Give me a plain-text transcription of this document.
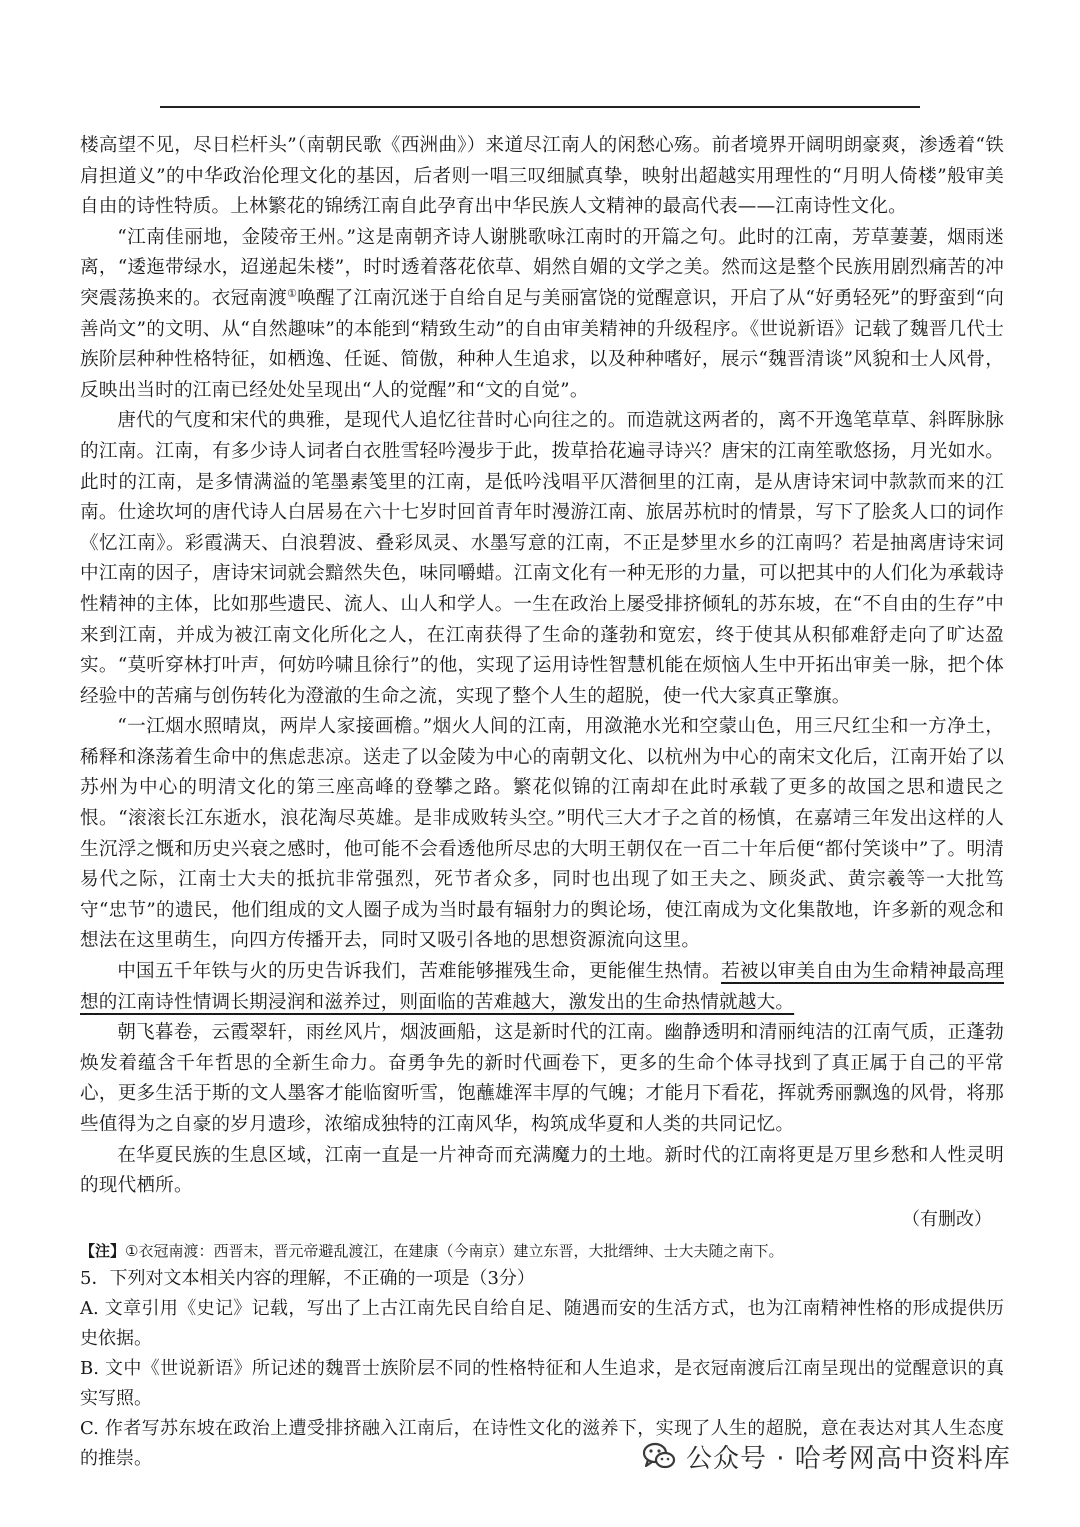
楼高望不见，尽日栏杆头”（南朝民歌《西洲曲》）来道尽江南人的闲愁心殇。前者境界开阔明朗豪爽，渗透着“铁肩担道义”的中华政治伦理文化的基因，后者则一唱三叹细腻真挚，映射出超越实用理性的“月明人倚楼”般审美自由的诗性特质。上林繁花的锦绣江南自此孕育出中华民族人文精神的最高代表——江南诗性文化。

“江南佳丽地，金陵帝王州。”这是南朝齐诗人谢朓歌咏江南时的开篇之句。此时的江南，芳草萋萋，烟雨迷离，“逶迤带绿水，迢递起朱楼”，时时透着落花依草、娟然自媚的文学之美。然而这是整个民族用剧烈痛苦的冲突震荡换来的。衣冠南渡①唤醒了江南沉迷于自给自足与美丽富饶的觉醒意识，开启了从“好勇轻死”的野蛮到“向善尚文”的文明、从“自然趣味”的本能到“精致生动”的自由审美精神的升级程序。《世说新语》记载了魏晋几代士族阶层种种性格特征，如栖逸、任诞、简傲，种种人生追求，以及种种嗜好，展示“魏晋清谈”风貌和士人风骨，反映出当时的江南已经处处呈现出“人的觉醒”和“文的自觉”。

唐代的气度和宋代的典雅，是现代人追忆往昔时心向往之的。而造就这两者的，离不开逸笔草草、斜晖脉脉的江南。江南，有多少诗人词者白衣胜雪轻吟漫步于此，拨草拾花遍寻诗兴？唐宋的江南笙歌悠扬，月光如水。此时的江南，是多情满溢的笔墨素笺里的江南，是低吟浅唱平仄潜徊里的江南，是从唐诗宋词中款款而来的江南。仕途坎坷的唐代诗人白居易在六十七岁时回首青年时漫游江南、旅居苏杭时的情景，写下了脍炙人口的词作《忆江南》。彩霞满天、白浪碧波、叠彩凤灵、水墨写意的江南，不正是梦里水乡的江南吗？若是抽离唐诗宋词中江南的因子，唐诗宋词就会黯然失色，味同嚼蜡。江南文化有一种无形的力量，可以把其中的人们化为承载诗性精神的主体，比如那些遗民、流人、山人和学人。一生在政治上屡受排挤倾轧的苏东坡，在“不自由的生存”中来到江南，并成为被江南文化所化之人，在江南获得了生命的蓬勃和宽宏，终于使其从积郁难舒走向了旷达盈实。“莫听穿林打叶声，何妨吟啸且徐行”的他，实现了运用诗性智慧机能在烦恼人生中开拓出审美一脉，把个体经验中的苦痛与创伤转化为澄澈的生命之流，实现了整个人生的超脱，使一代大家真正擎旗。

“一江烟水照晴岚，两岸人家接画檐。”烟火人间的江南，用潋滟水光和空蒙山色，用三尺红尘和一方净土，稀释和涤荡着生命中的焦虑悲凉。送走了以金陵为中心的南朝文化、以杭州为中心的南宋文化后，江南开始了以苏州为中心的明清文化的第三座高峰的登攀之路。繁花似锦的江南却在此时承载了更多的故国之思和遗民之恨。“滚滚长江东逝水，浪花淘尽英雄。是非成败转头空。”明代三大才子之首的杨慎，在嘉靖三年发出这样的人生沉浮之慨和历史兴衰之感时，他可能不会看透他所尽忠的大明王朝仅在一百二十年后便“都付笑谈中”了。明清易代之际，江南士大夫的抵抗非常强烈，死节者众多，同时也出现了如王夫之、顾炎武、黄宗羲等一大批笃守“忠节”的遗民，他们组成的文人圈子成为当时最有辐射力的舆论场，使江南成为文化集散地，许多新的观念和想法在这里萌生，向四方传播开去，同时又吸引各地的思想资源流向这里。

中国五千年铁与火的历史告诉我们，苦难能够摧残生命，更能催生热情。若被以审美自由为生命精神最高理想的江南诗性情调长期浸润和滋养过，则面临的苦难越大，激发出的生命热情就越大。

朝飞暮卷，云霞翠轩，雨丝风片，烟波画船，这是新时代的江南。幽静透明和清丽纯洁的江南气质，正蓬勃焕发着蕴含千年哲思的全新生命力。奋勇争先的新时代画卷下，更多的生命个体寻找到了真正属于自己的平常心，更多生活于斯的文人墨客才能临窗听雪，饱蘸雄浑丰厚的气魄；才能月下看花，挥就秀丽飘逸的风骨，将那些值得为之自豪的岁月遗珍，浓缩成独特的江南风华，构筑成华夏和人类的共同记忆。

在华夏民族的生息区域，江南一直是一片神奇而充满魔力的土地。新时代的江南将更是万里乡愁和人性灵明的现代栖所。

（有删改）

【注】①衣冠南渡：西晋末，晋元帝避乱渡江，在建康（今南京）建立东晋，大批缙绅、士大夫随之南下。

5．下列对文本相关内容的理解，不正确的一项是（3分）

A. 文章引用《史记》记载，写出了上古江南先民自给自足、随遇而安的生活方式，也为江南精神性格的形成提供历史依据。

B. 文中《世说新语》所记述的魏晋士族阶层不同的性格特征和人生追求，是衣冠南渡后江南呈现出的觉醒意识的真实写照。

C. 作者写苏东坡在政治上遭受排挤融入江南后，在诗性文化的滋养下，实现了人生的超脱，意在表达对其人生态度的推崇。	公众号 · 哈考网高中资料库
